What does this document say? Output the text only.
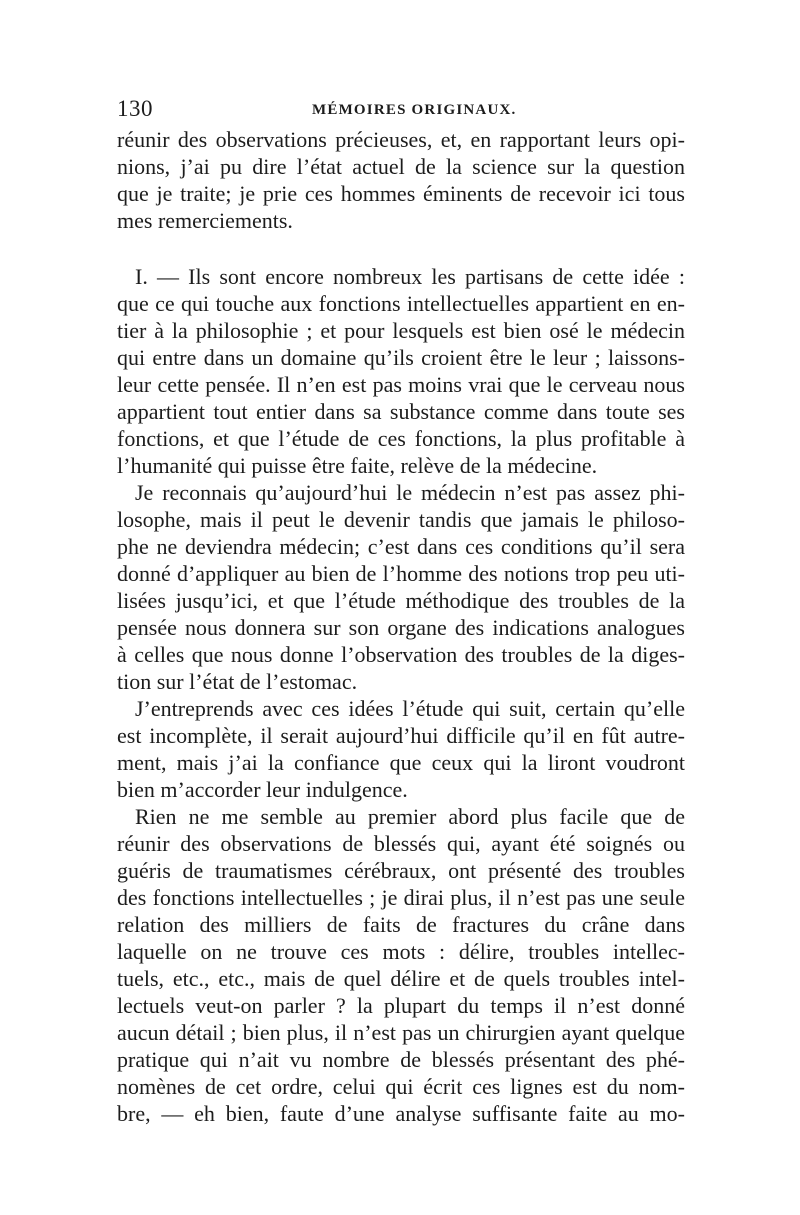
130	MÉMOIRES ORIGINAUX.
réunir des observations précieuses, et, en rapportant leurs opi-
nions, j’ai pu dire l’état actuel de la science sur la question
que je traite; je prie ces hommes éminents de recevoir ici tous
mes remerciements.
I. — Ils sont encore nombreux les partisans de cette idée :
que ce qui touche aux fonctions intellectuelles appartient en en-
tier à la philosophie ; et pour lesquels est bien osé le médecin
qui entre dans un domaine qu’ils croient être le leur ; laissons-
leur cette pensée. Il n’en est pas moins vrai que le cerveau nous
appartient tout entier dans sa substance comme dans toute ses
fonctions, et que l’étude de ces fonctions, la plus profitable à
l’humanité qui puisse être faite, relève de la médecine.
Je reconnais qu’aujourd’hui le médecin n’est pas assez phi-
losophe, mais il peut le devenir tandis que jamais le philoso-
phe ne deviendra médecin; c’est dans ces conditions qu’il sera
donné d’appliquer au bien de l’homme des notions trop peu uti-
lisées jusqu’ici, et que l’étude méthodique des troubles de la
pensée nous donnera sur son organe des indications analogues
à celles que nous donne l’observation des troubles de la diges-
tion sur l’état de l’estomac.
J’entreprends avec ces idées l’étude qui suit, certain qu’elle
est incomplète, il serait aujourd’hui difficile qu’il en fût autre-
ment, mais j’ai la confiance que ceux qui la liront voudront
bien m’accorder leur indulgence.
Rien ne me semble au premier abord plus facile que de
réunir des observations de blessés qui, ayant été soignés ou
guéris de traumatismes cérébraux, ont présenté des troubles
des fonctions intellectuelles ; je dirai plus, il n’est pas une seule
relation des milliers de faits de fractures du crâne dans
laquelle on ne trouve ces mots : délire, troubles intellec-
tuels, etc., etc., mais de quel délire et de quels troubles intel-
lectuels veut-on parler ? la plupart du temps il n’est donné
aucun détail ; bien plus, il n’est pas un chirurgien ayant quelque
pratique qui n’ait vu nombre de blessés présentant des phé-
nomènes de cet ordre, celui qui écrit ces lignes est du nom-
bre, — eh bien, faute d’une analyse suffisante faite au mo-
